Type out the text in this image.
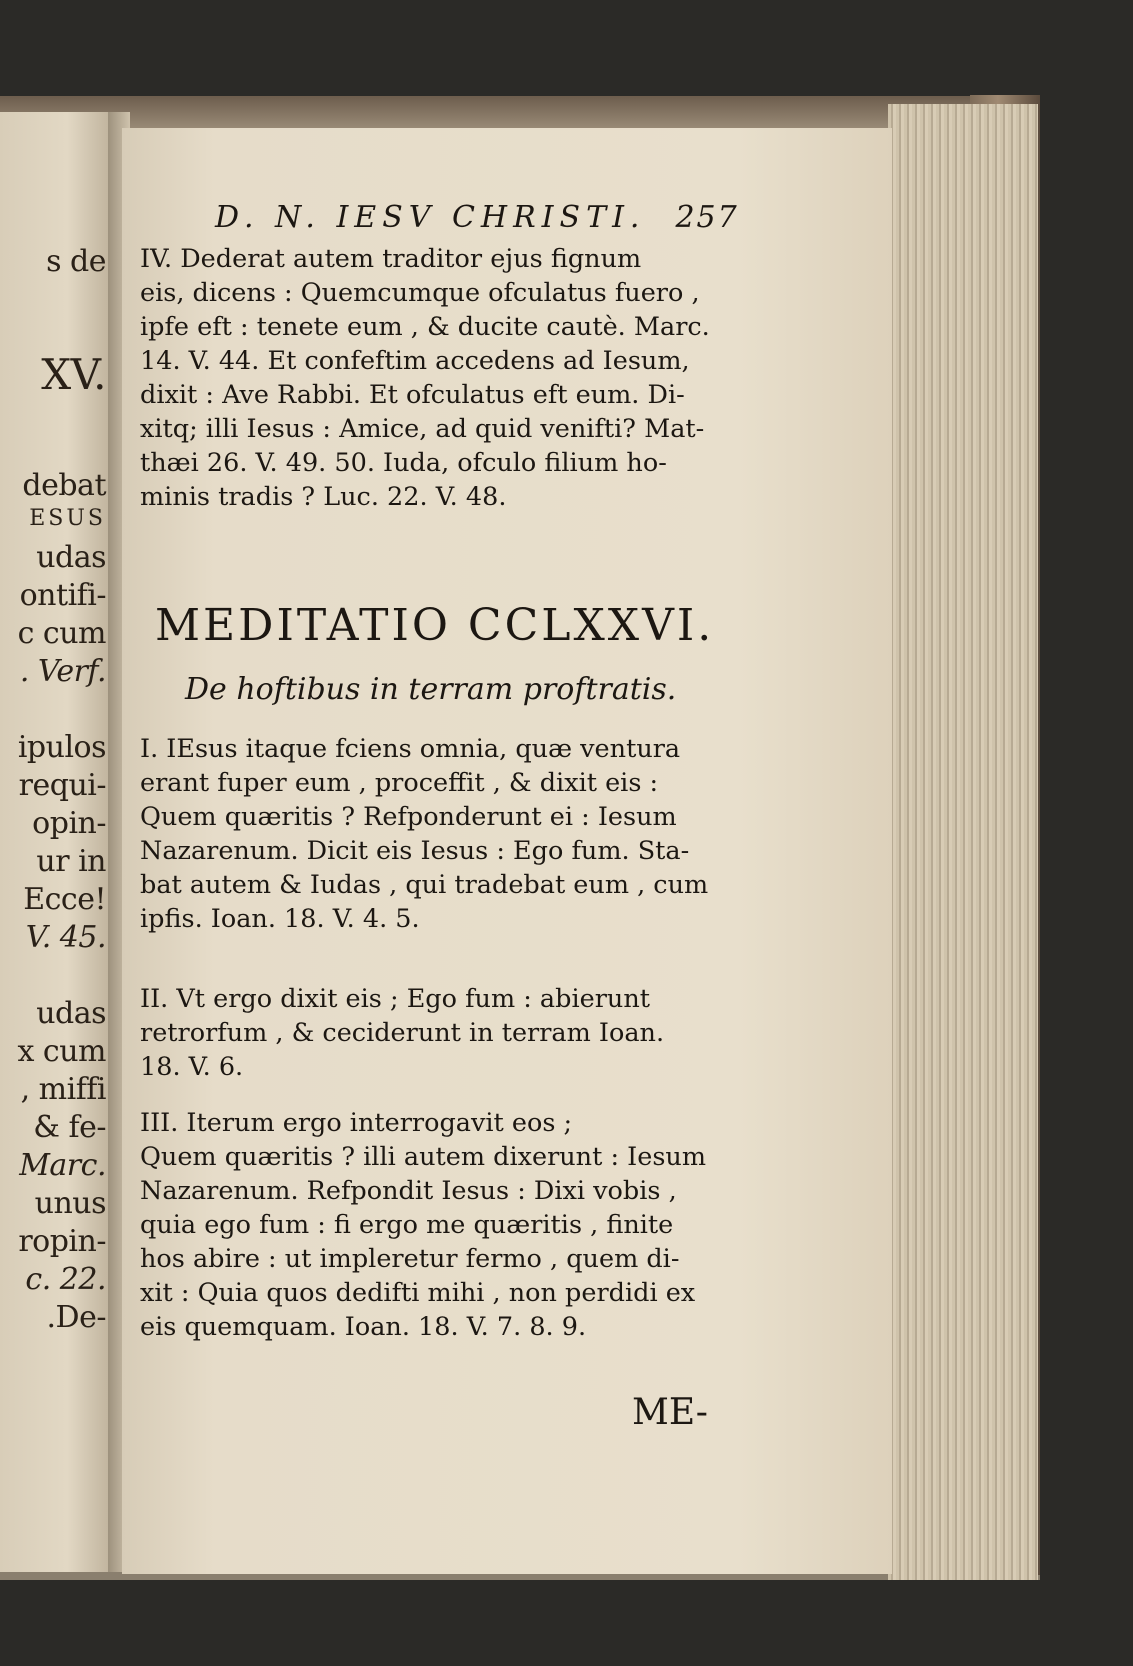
s de
XV.
debat
ESUS
udas
ontifi-
c cum
. Verf.
ipulos
requi-
opin-
ur in
Ecce!
V. 45.
udas
x cum
, miffi
& fe-
Marc.
unus
ropin-
c. 22.
.De-
D. N. IESV CHRISTI. 257
IV. Dederat autem traditor ejus fignum
eis, dicens : Quemcumque ofculatus fuero ,
ipfe eft : tenete eum , & ducite cautè. Marc.
14. V. 44. Et confeftim accedens ad Iesum,
dixit : Ave Rabbi. Et ofculatus eft eum. Di-
xitq; illi Iesus : Amice, ad quid venifti? Mat-
thæi 26. V. 49. 50. Iuda, ofculo filium ho-
minis tradis ? Luc. 22. V. 48.
MEDITATIO CCLXXVI.
De hoftibus in terram proftratis.
I. IEsus itaque fciens omnia, quæ ventura
erant fuper eum , proceffit , & dixit eis :
Quem quæritis ? Refponderunt ei : Iesum
Nazarenum. Dicit eis Iesus : Ego fum. Sta-
bat autem & Iudas , qui tradebat eum , cum
ipfis. Ioan. 18. V. 4. 5.
II. Vt ergo dixit eis ; Ego fum : abierunt
retrorfum , & ceciderunt in terram Ioan.
18. V. 6.
III. Iterum ergo interrogavit eos ;
Quem quæritis ? illi autem dixerunt : Iesum
Nazarenum. Refpondit Iesus : Dixi vobis ,
quia ego fum : fi ergo me quæritis , finite
hos abire : ut impleretur fermo , quem di-
xit : Quia quos dedifti mihi , non perdidi ex
eis quemquam. Ioan. 18. V. 7. 8. 9.
ME-
